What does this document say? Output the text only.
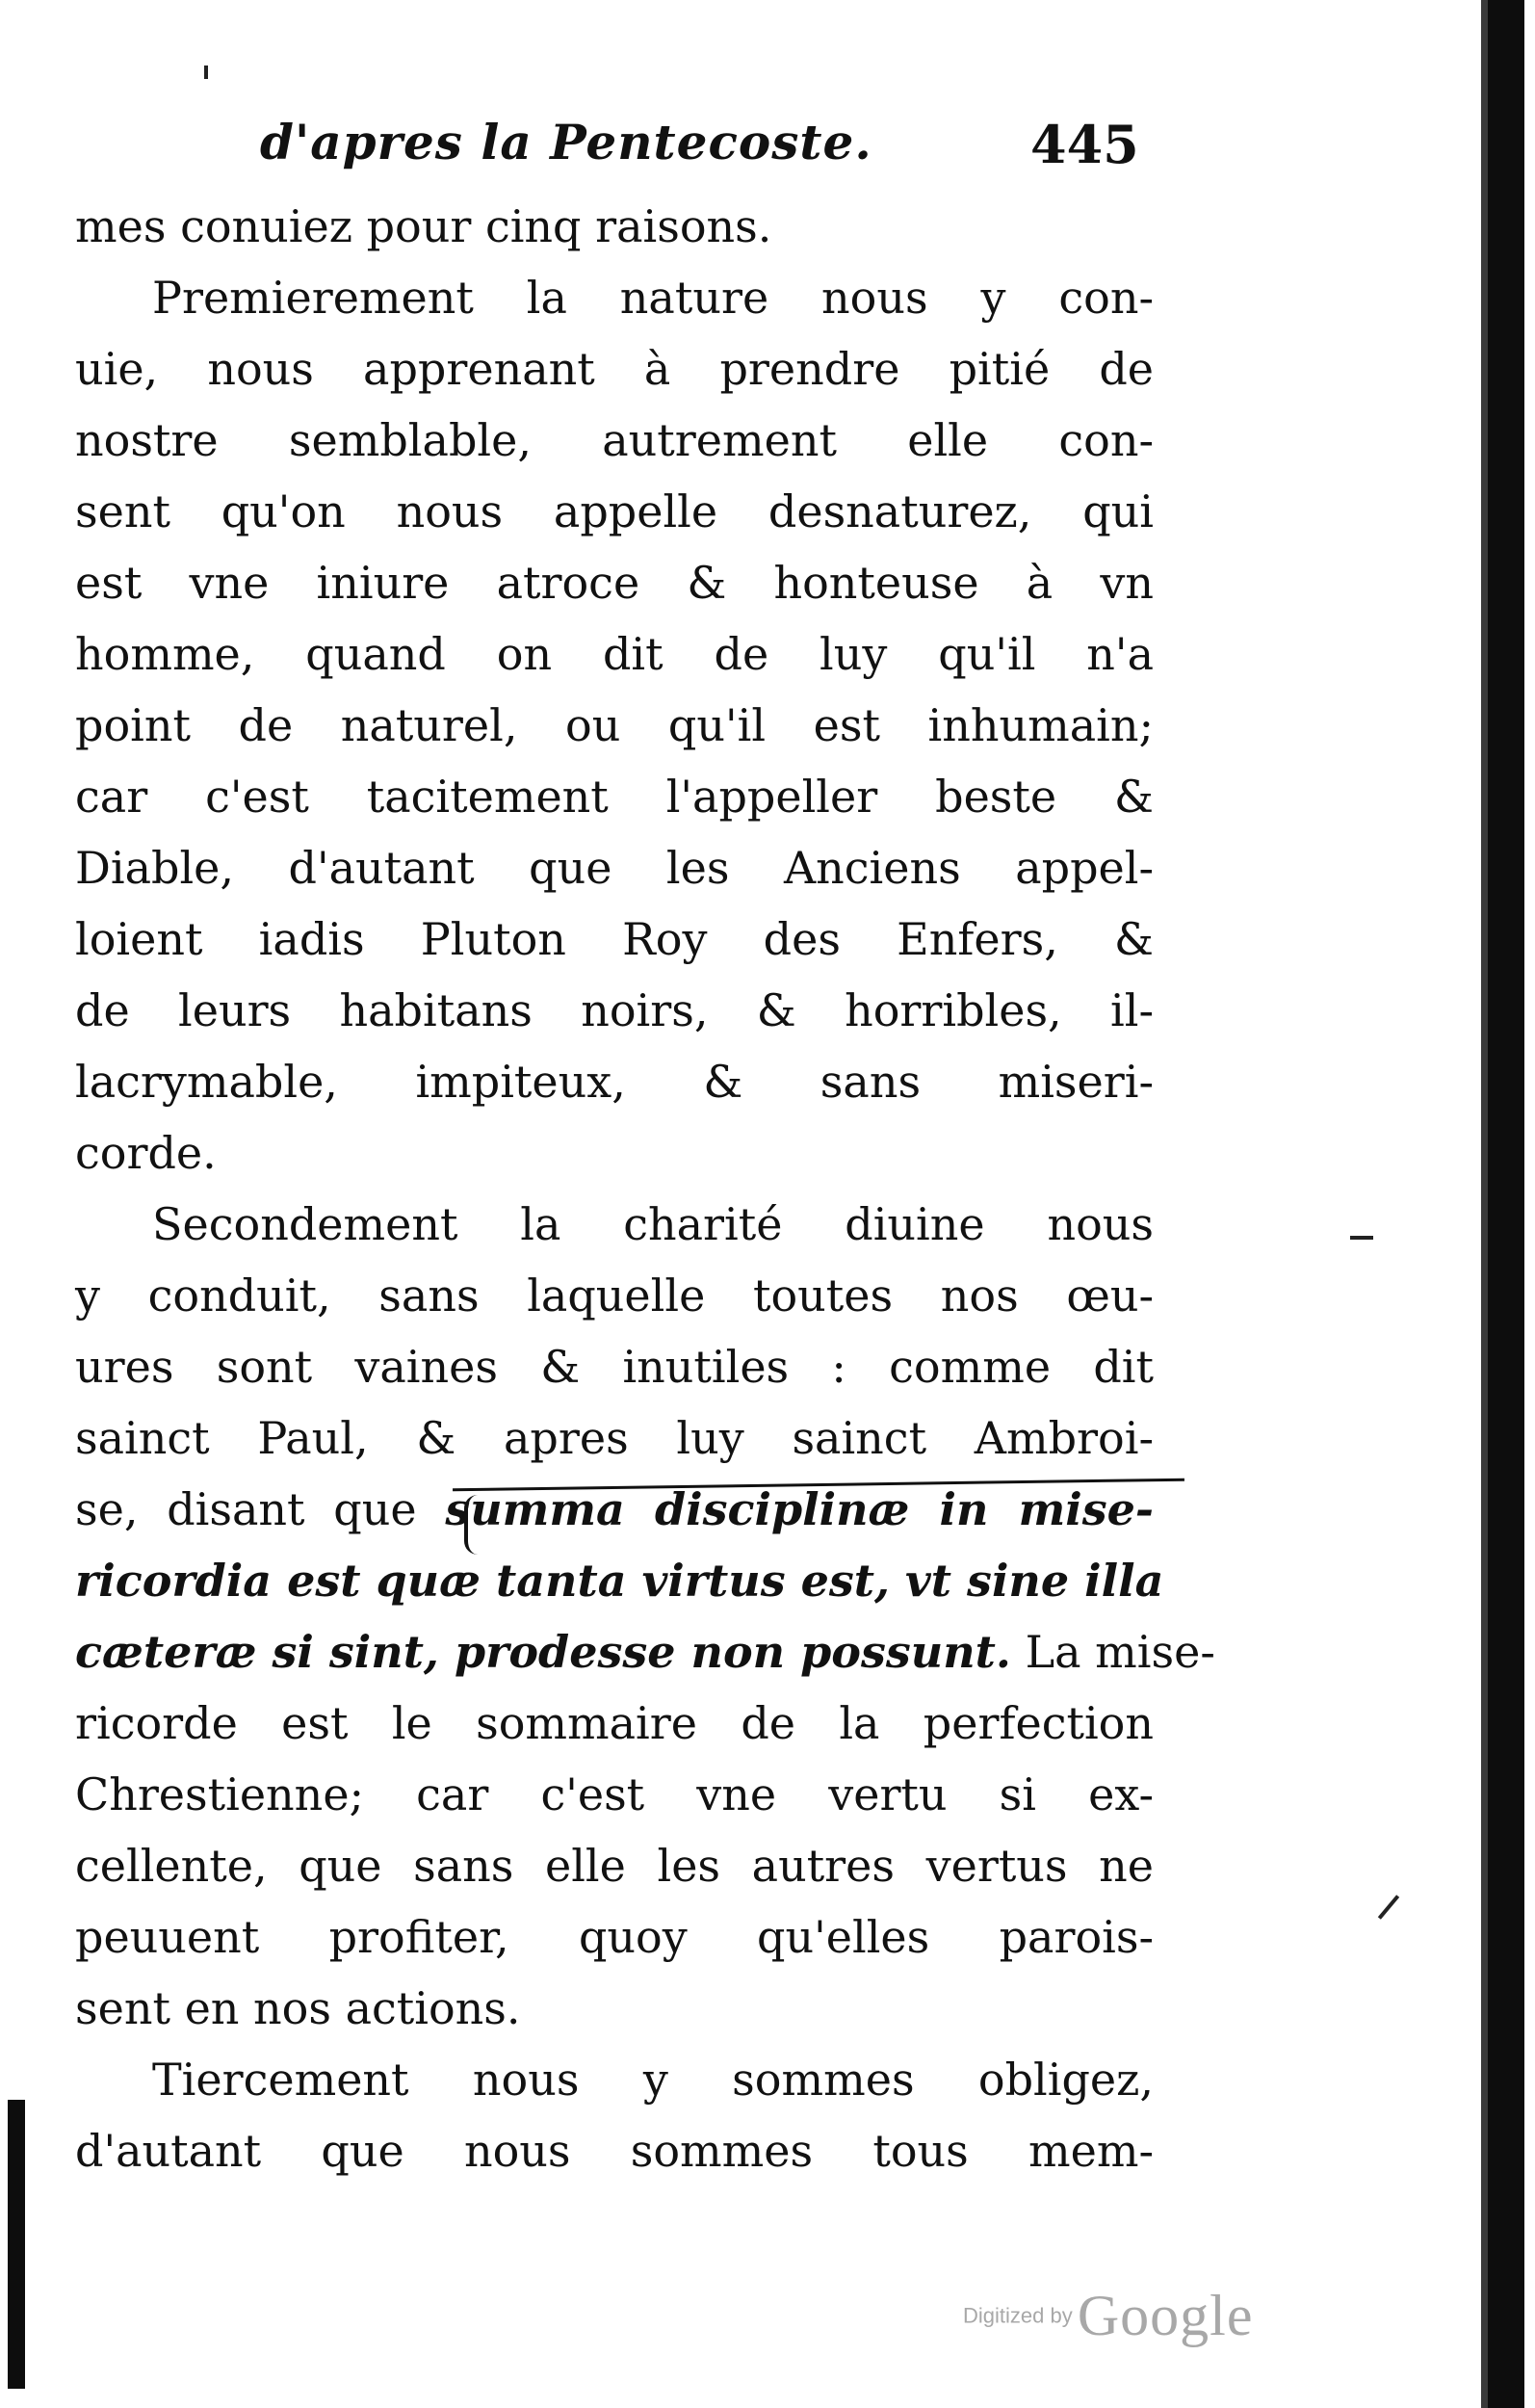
d'apres la Pentecoste.	445
mes conuiez pour cinq raisons.
Premierement la nature nous y con-
uie, nous apprenant à prendre pitié de
nostre semblable, autrement elle con-
sent qu'on nous appelle desnaturez, qui
est vne iniure atroce & honteuse à vn
homme, quand on dit de luy qu'il n'a
point de naturel, ou qu'il est inhumain;
car c'est tacitement l'appeller beste &
Diable, d'autant que les Anciens appel-
loient iadis Pluton Roy des Enfers, &
de leurs habitans noirs, & horribles, il-
lacrymable, impiteux, & sans miseri-
corde.
Secondement la charité diuine nous
y conduit, sans laquelle toutes nos œu-
ures sont vaines & inutiles : comme dit
sainct Paul, & apres luy sainct Ambroi-
se, disant que summa disciplinæ in mise-
ricordia est quæ tanta virtus est, vt sine illa
cæteræ si sint, prodesse non possunt. La mise-
ricorde est le sommaire de la perfection
Chrestienne; car c'est vne vertu si ex-
cellente, que sans elle les autres vertus ne
peuuent profiter, quoy qu'elles parois-
sent en nos actions.
Tiercement nous y sommes obligez,
d'autant que nous sommes tous mem-
Digitized by Google
